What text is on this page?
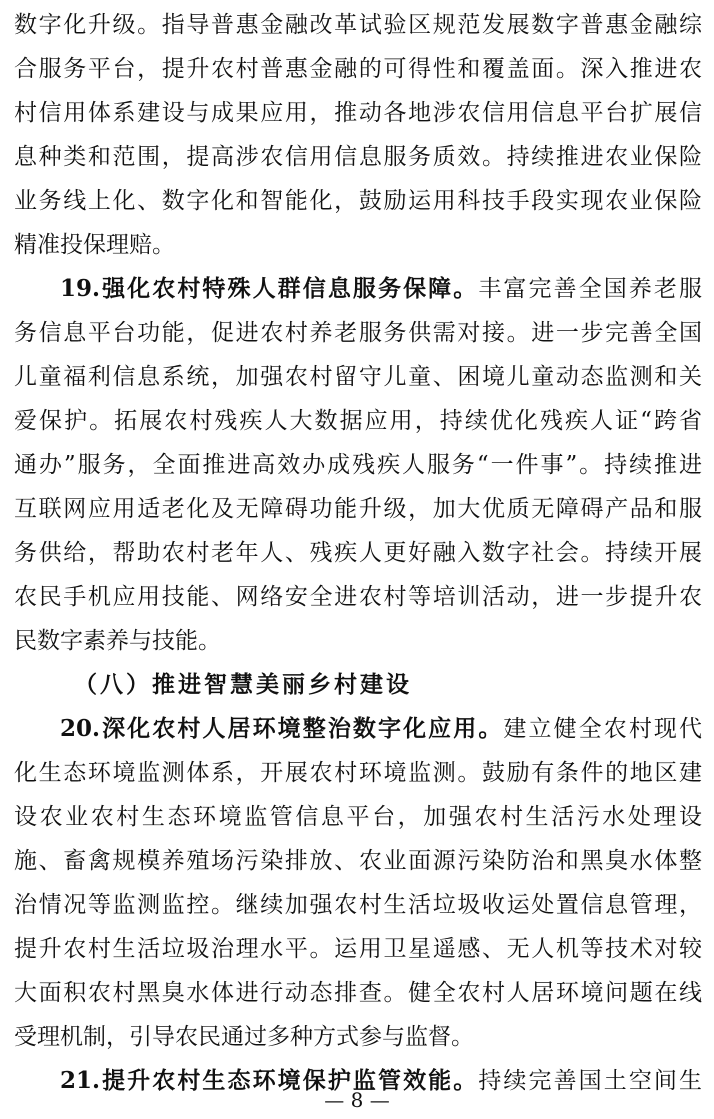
数字化升级。指导普惠金融改革试验区规范发展数字普惠金融综
合服务平台，提升农村普惠金融的可得性和覆盖面。深入推进农
村信用体系建设与成果应用，推动各地涉农信用信息平台扩展信
息种类和范围，提高涉农信用信息服务质效。持续推进农业保险
业务线上化、数字化和智能化，鼓励运用科技手段实现农业保险
精准投保理赔。
19.强化农村特殊人群信息服务保障。丰富完善全国养老服
务信息平台功能，促进农村养老服务供需对接。进一步完善全国
儿童福利信息系统，加强农村留守儿童、困境儿童动态监测和关
爱保护。拓展农村残疾人大数据应用，持续优化残疾人证“跨省
通办”服务，全面推进高效办成残疾人服务“一件事”。持续推进
互联网应用适老化及无障碍功能升级，加大优质无障碍产品和服
务供给，帮助农村老年人、残疾人更好融入数字社会。持续开展
农民手机应用技能、网络安全进农村等培训活动，进一步提升农
民数字素养与技能。
（八）推进智慧美丽乡村建设
20.深化农村人居环境整治数字化应用。建立健全农村现代
化生态环境监测体系，开展农村环境监测。鼓励有条件的地区建
设农业农村生态环境监管信息平台，加强农村生活污水处理设
施、畜禽规模养殖场污染排放、农业面源污染防治和黑臭水体整
治情况等监测监控。继续加强农村生活垃圾收运处置信息管理，
提升农村生活垃圾治理水平。运用卫星遥感、无人机等技术对较
大面积农村黑臭水体进行动态排查。健全农村人居环境问题在线
受理机制，引导农民通过多种方式参与监督。
21.提升农村生态环境保护监管效能。持续完善国土空间生
— 8 —
